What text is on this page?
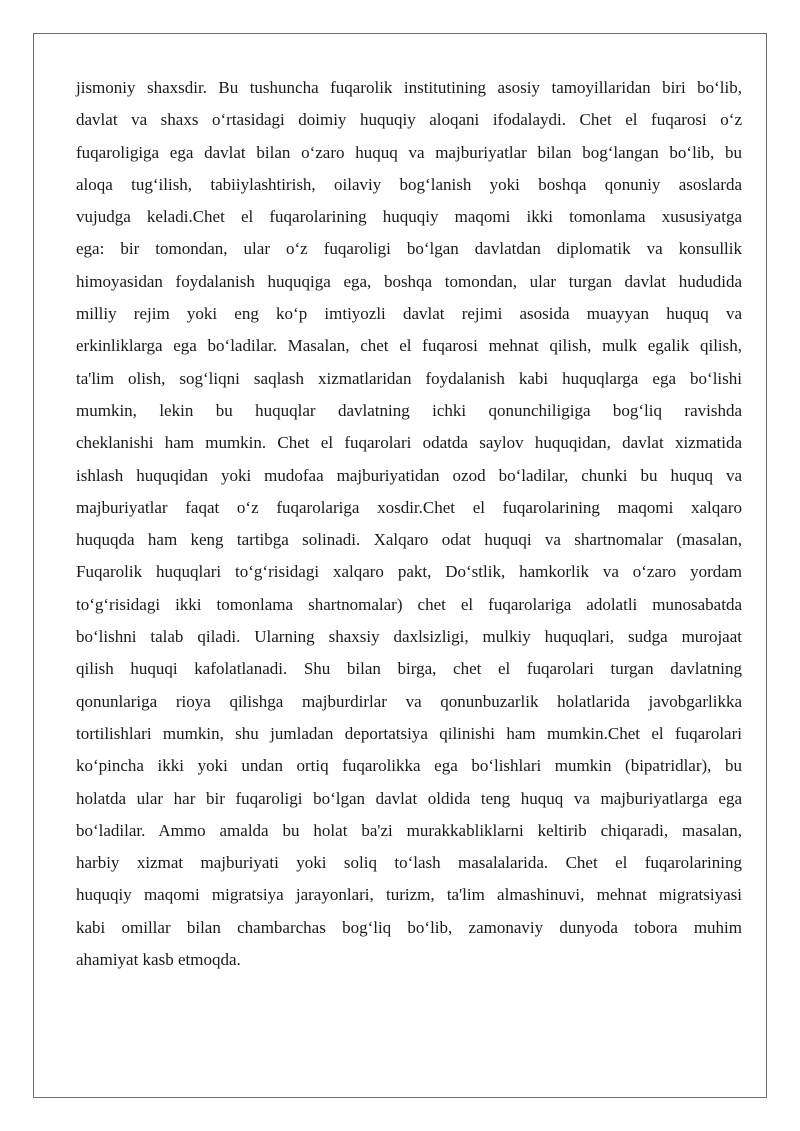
jismoniy shaxsdir. Bu tushuncha fuqarolik institutining asosiy tamoyillaridan biri bo‘lib,
davlat va shaxs o‘rtasidagi doimiy huquqiy aloqani ifodalaydi. Chet el fuqarosi o‘z
fuqaroligiga ega davlat bilan o‘zaro huquq va majburiyatlar bilan bog‘langan bo‘lib, bu
aloqa tug‘ilish, tabiiylashtirish, oilaviy bog‘lanish yoki boshqa qonuniy asoslarda
vujudga keladi.Chet el fuqarolarining huquqiy maqomi ikki tomonlama xususiyatga
ega: bir tomondan, ular o‘z fuqaroligi bo‘lgan davlatdan diplomatik va konsullik
himoyasidan foydalanish huquqiga ega, boshqa tomondan, ular turgan davlat hududida
milliy rejim yoki eng ko‘p imtiyozli davlat rejimi asosida muayyan huquq va
erkinliklarga ega bo‘ladilar. Masalan, chet el fuqarosi mehnat qilish, mulk egalik qilish,
ta'lim olish, sog‘liqni saqlash xizmatlaridan foydalanish kabi huquqlarga ega bo‘lishi
mumkin, lekin bu huquqlar davlatning ichki qonunchiligiga bog‘liq ravishda
cheklanishi ham mumkin. Chet el fuqarolari odatda saylov huquqidan, davlat xizmatida
ishlash huquqidan yoki mudofaa majburiyatidan ozod bo‘ladilar, chunki bu huquq va
majburiyatlar faqat o‘z fuqarolariga xosdir.Chet el fuqarolarining maqomi xalqaro
huquqda ham keng tartibga solinadi. Xalqaro odat huquqi va shartnomalar (masalan,
Fuqarolik huquqlari to‘g‘risidagi xalqaro pakt, Do‘stlik, hamkorlik va o‘zaro yordam
to‘g‘risidagi ikki tomonlama shartnomalar) chet el fuqarolariga adolatli munosabatda
bo‘lishni talab qiladi. Ularning shaxsiy daxlsizligi, mulkiy huquqlari, sudga murojaat
qilish huquqi kafolatlanadi. Shu bilan birga, chet el fuqarolari turgan davlatning
qonunlariga rioya qilishga majburdirlar va qonunbuzarlik holatlarida javobgarlikka
tortilishlari mumkin, shu jumladan deportatsiya qilinishi ham mumkin.Chet el fuqarolari
ko‘pincha ikki yoki undan ortiq fuqarolikka ega bo‘lishlari mumkin (bipatridlar), bu
holatda ular har bir fuqaroligi bo‘lgan davlat oldida teng huquq va majburiyatlarga ega
bo‘ladilar. Ammo amalda bu holat ba'zi murakkabliklarni keltirib chiqaradi, masalan,
harbiy xizmat majburiyati yoki soliq to‘lash masalalarida. Chet el fuqarolarining
huquqiy maqomi migratsiya jarayonlari, turizm, ta'lim almashinuvi, mehnat migratsiyasi
kabi omillar bilan chambarchas bog‘liq bo‘lib, zamonaviy dunyoda tobora muhim
ahamiyat kasb etmoqda.
